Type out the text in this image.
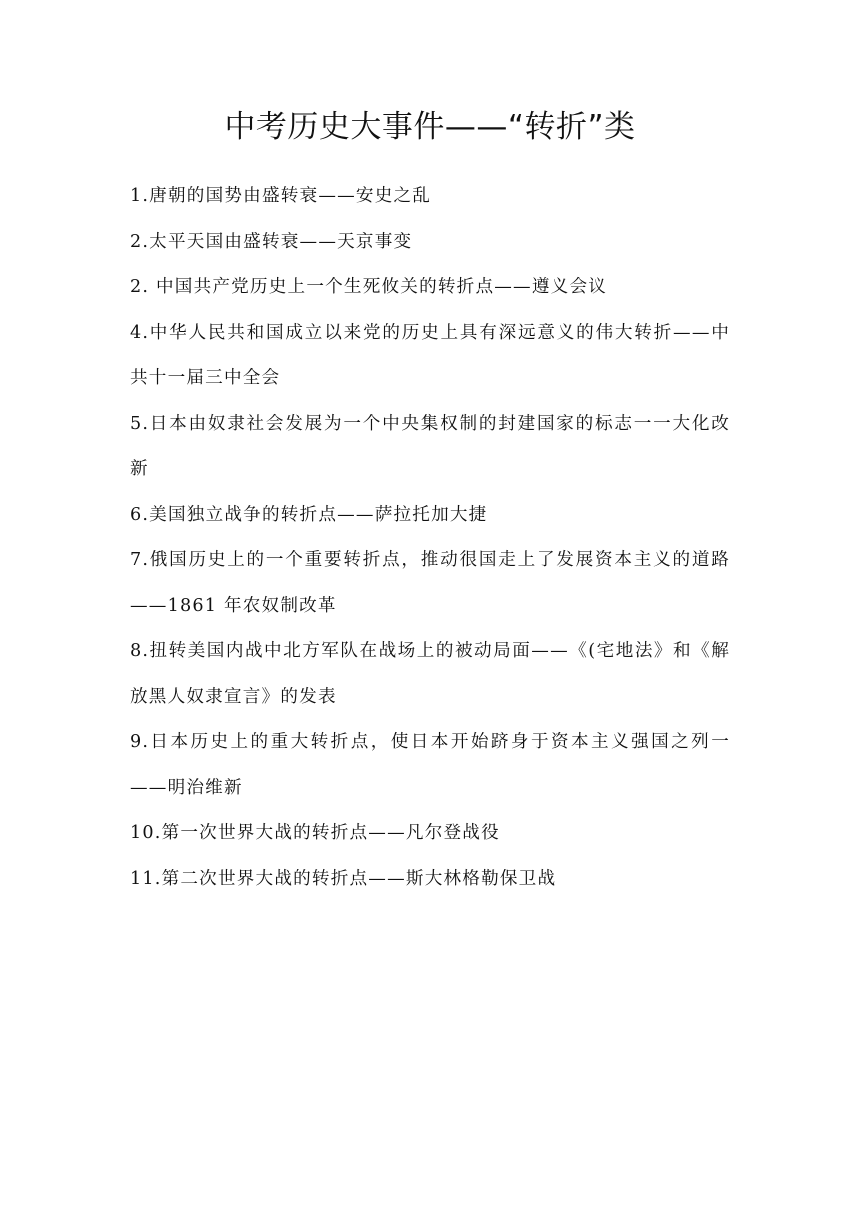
中考历史大事件——“转折”类

1.唐朝的国势由盛转衰——安史之乱

2.太平天国由盛转衰——天京事变

2. 中国共产党历史上一个生死攸关的转折点——遵义会议

4.中华人民共和国成立以来党的历史上具有深远意义的伟大转折——中共十一届三中全会

5.日本由奴隶社会发展为一个中央集权制的封建国家的标志一一大化改新

6.美国独立战争的转折点——萨拉托加大捷

7.俄国历史上的一个重要转折点，推动很国走上了发展资本主义的道路——1861 年农奴制改革

8.扭转美国内战中北方军队在战场上的被动局面——《(宅地法》和《解放黑人奴隶宣言》的发表

9.日本历史上的重大转折点，使日本开始跻身于资本主义强国之列一——明治维新

10.第一次世界大战的转折点——凡尔登战役

11.第二次世界大战的转折点——斯大林格勒保卫战
